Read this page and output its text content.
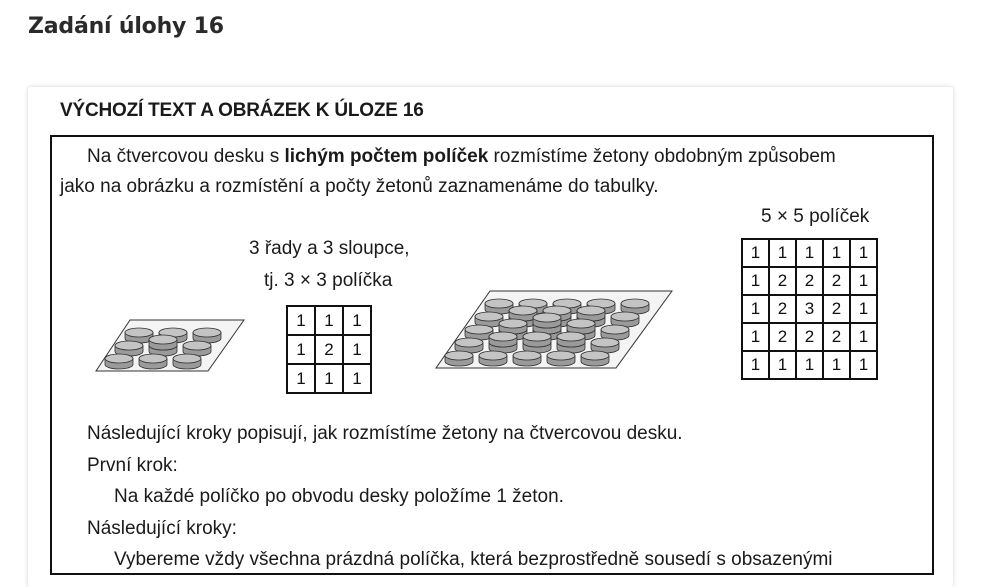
Zadání úlohy 16
VÝCHOZÍ TEXT A OBRÁZEK K ÚLOZE 16
Na čtvercovou desku s lichým počtem políček rozmístíme žetony obdobným způsobem
jako na obrázku a rozmístění a počty žetonů zaznamenáme do tabulky.
3 řady a 3 sloupce,
tj. 3 × 3 políčka
1	1	1
1	2	1
1	1	1
5 × 5 políček
1	1	1	1	1
1	2	2	2	1
1	2	3	2	1
1	2	2	2	1
1	1	1	1	1
Následující kroky popisují, jak rozmístíme žetony na čtvercovou desku.
První krok:
Na každé políčko po obvodu desky položíme 1 žeton.
Následující kroky:
Vybereme vždy všechna prázdná políčka, která bezprostředně sousedí s obsazenými
